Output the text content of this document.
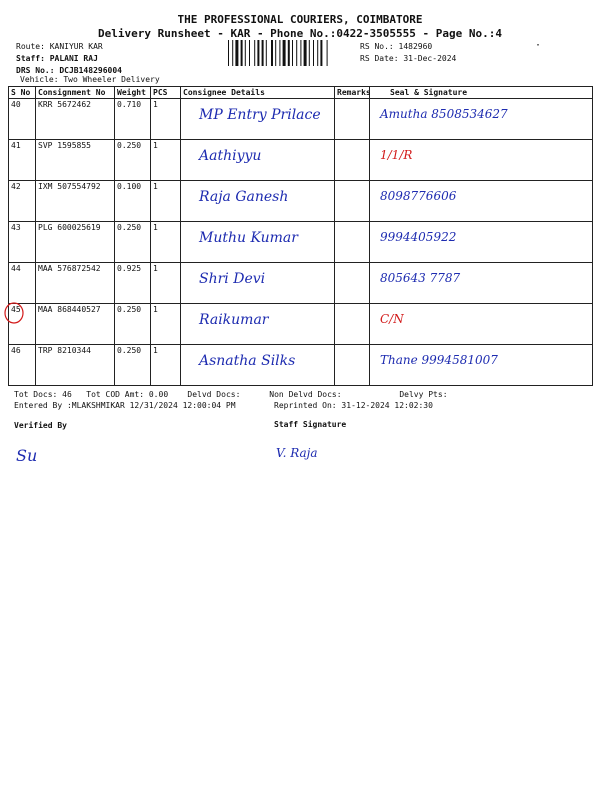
THE PROFESSIONAL COURIERS, COIMBATORE
Delivery Runsheet - KAR - Phone No.:0422-3505555 - Page No.:4
Route: KANIYUR KAR
Staff: PALANI RAJ
DRS No.: DCJB148296004
Vehicle: Two Wheeler Delivery
RS No.: 1482960
RS Date: 31-Dec-2024
·
S No	Consignment No	Weight	PCS	Consignee Details	Remarks	Seal & Signature
40	KRR 5672462	0.710	1	MP Entry Prilace		Amutha 8508534627

41	SVP 1595855	0.250	1	Aathiyyu		1/1/R

42	IXM 507554792	0.100	1	Raja Ganesh		8098776606

43	PLG 600025619	0.250	1	Muthu Kumar		9994405922

44	MAA 576872542	0.925	1	Shri Devi		805643 7787

45	MAA 868440527	0.250	1	Raikumar		C/N

46	TRP 8210344	0.250	1	Asnatha Silks		Thane 9994581007
Tot Docs: 46 Tot COD Amt: 0.00 Delvd Docs:	Non Delvd Docs:	Delvy Pts:
Entered By :MLAKSHMIKAR 12/31/2024 12:00:04 PM	Reprinted On: 31-12-2024 12:02:30
Verified By	Staff Signature
Su	V. Raja
